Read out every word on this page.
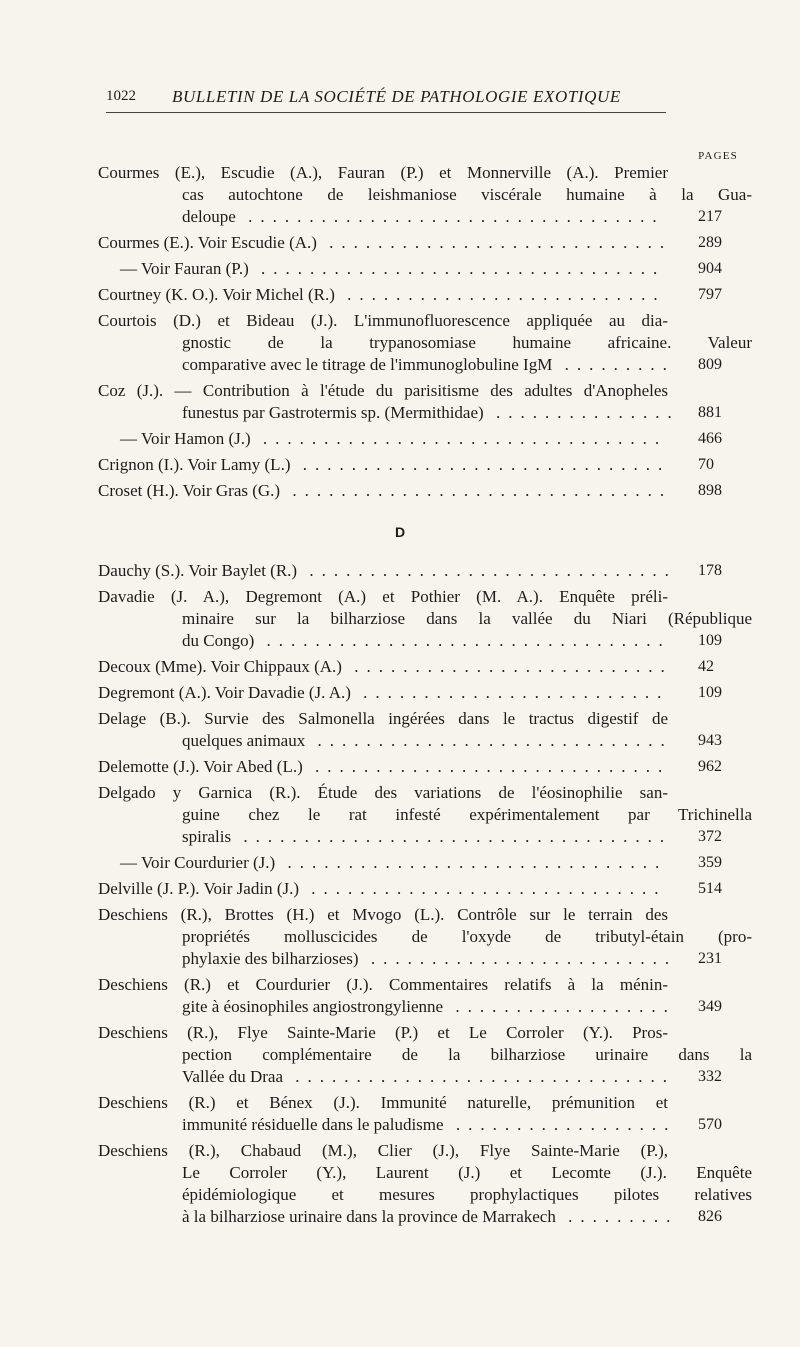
1022 BULLETIN DE LA SOCIÉTÉ DE PATHOLOGIE EXOTIQUE
PAGES
Courmes (E.), Escudie (A.), Fauran (P.) et Monnerville (A.). Premier
cas autochtone de leishmaniose viscérale humaine à la Gua-
deloupe .................................. 217
Courmes (E.). Voir Escudie (A.) ............................ 289
— Voir Fauran (P.) ................................. 904
Courtney (K. O.). Voir Michel (R.) .......................... 797
Courtois (D.) et Bideau (J.). L'immunofluorescence appliquée au dia-
gnostic de la trypanosomiase humaine africaine. Valeur
comparative avec le titrage de l'immunoglobuline IgM ......... 809
Coz (J.). — Contribution à l'étude du parisitisme des adultes d'Anopheles
funestus par Gastrotermis sp. (Mermithidae) ............... 881
— Voir Hamon (J.) ................................. 466
Crignon (I.). Voir Lamy (L.) .............................. 70
Croset (H.). Voir Gras (G.) ............................... 898
D
Dauchy (S.). Voir Baylet (R.) .............................. 178
Davadie (J. A.), Degremont (A.) et Pothier (M. A.). Enquête préli-
minaire sur la bilharziose dans la vallée du Niari (République
du Congo) ................................. 109
Decoux (Mme). Voir Chippaux (A.) .......................... 42
Degremont (A.). Voir Davadie (J. A.) ......................... 109
Delage (B.). Survie des Salmonella ingérées dans le tractus digestif de
quelques animaux ............................. 943
Delemotte (J.). Voir Abed (L.) ............................. 962
Delgado y Garnica (R.). Étude des variations de l'éosinophilie san-
guine chez le rat infesté expérimentalement par Trichinella
spiralis ................................... 372
— Voir Courdurier (J.) ............................... 359
Delville (J. P.). Voir Jadin (J.) ............................. 514
Deschiens (R.), Brottes (H.) et Mvogo (L.). Contrôle sur le terrain des
propriétés molluscicides de l'oxyde de tributyl-étain (pro-
phylaxie des bilharzioses) ......................... 231
Deschiens (R.) et Courdurier (J.). Commentaires relatifs à la ménin-
gite à éosinophiles angiostrongylienne .................. 349
Deschiens (R.), Flye Sainte-Marie (P.) et Le Corroler (Y.). Pros-
pection complémentaire de la bilharziose urinaire dans la
Vallée du Draa ............................... 332
Deschiens (R.) et Bénex (J.). Immunité naturelle, prémunition et
immunité résiduelle dans le paludisme .................. 570
Deschiens (R.), Chabaud (M.), Clier (J.), Flye Sainte-Marie (P.),
Le Corroler (Y.), Laurent (J.) et Lecomte (J.). Enquête
épidémiologique et mesures prophylactiques pilotes relatives
à la bilharziose urinaire dans la province de Marrakech ......... 826
